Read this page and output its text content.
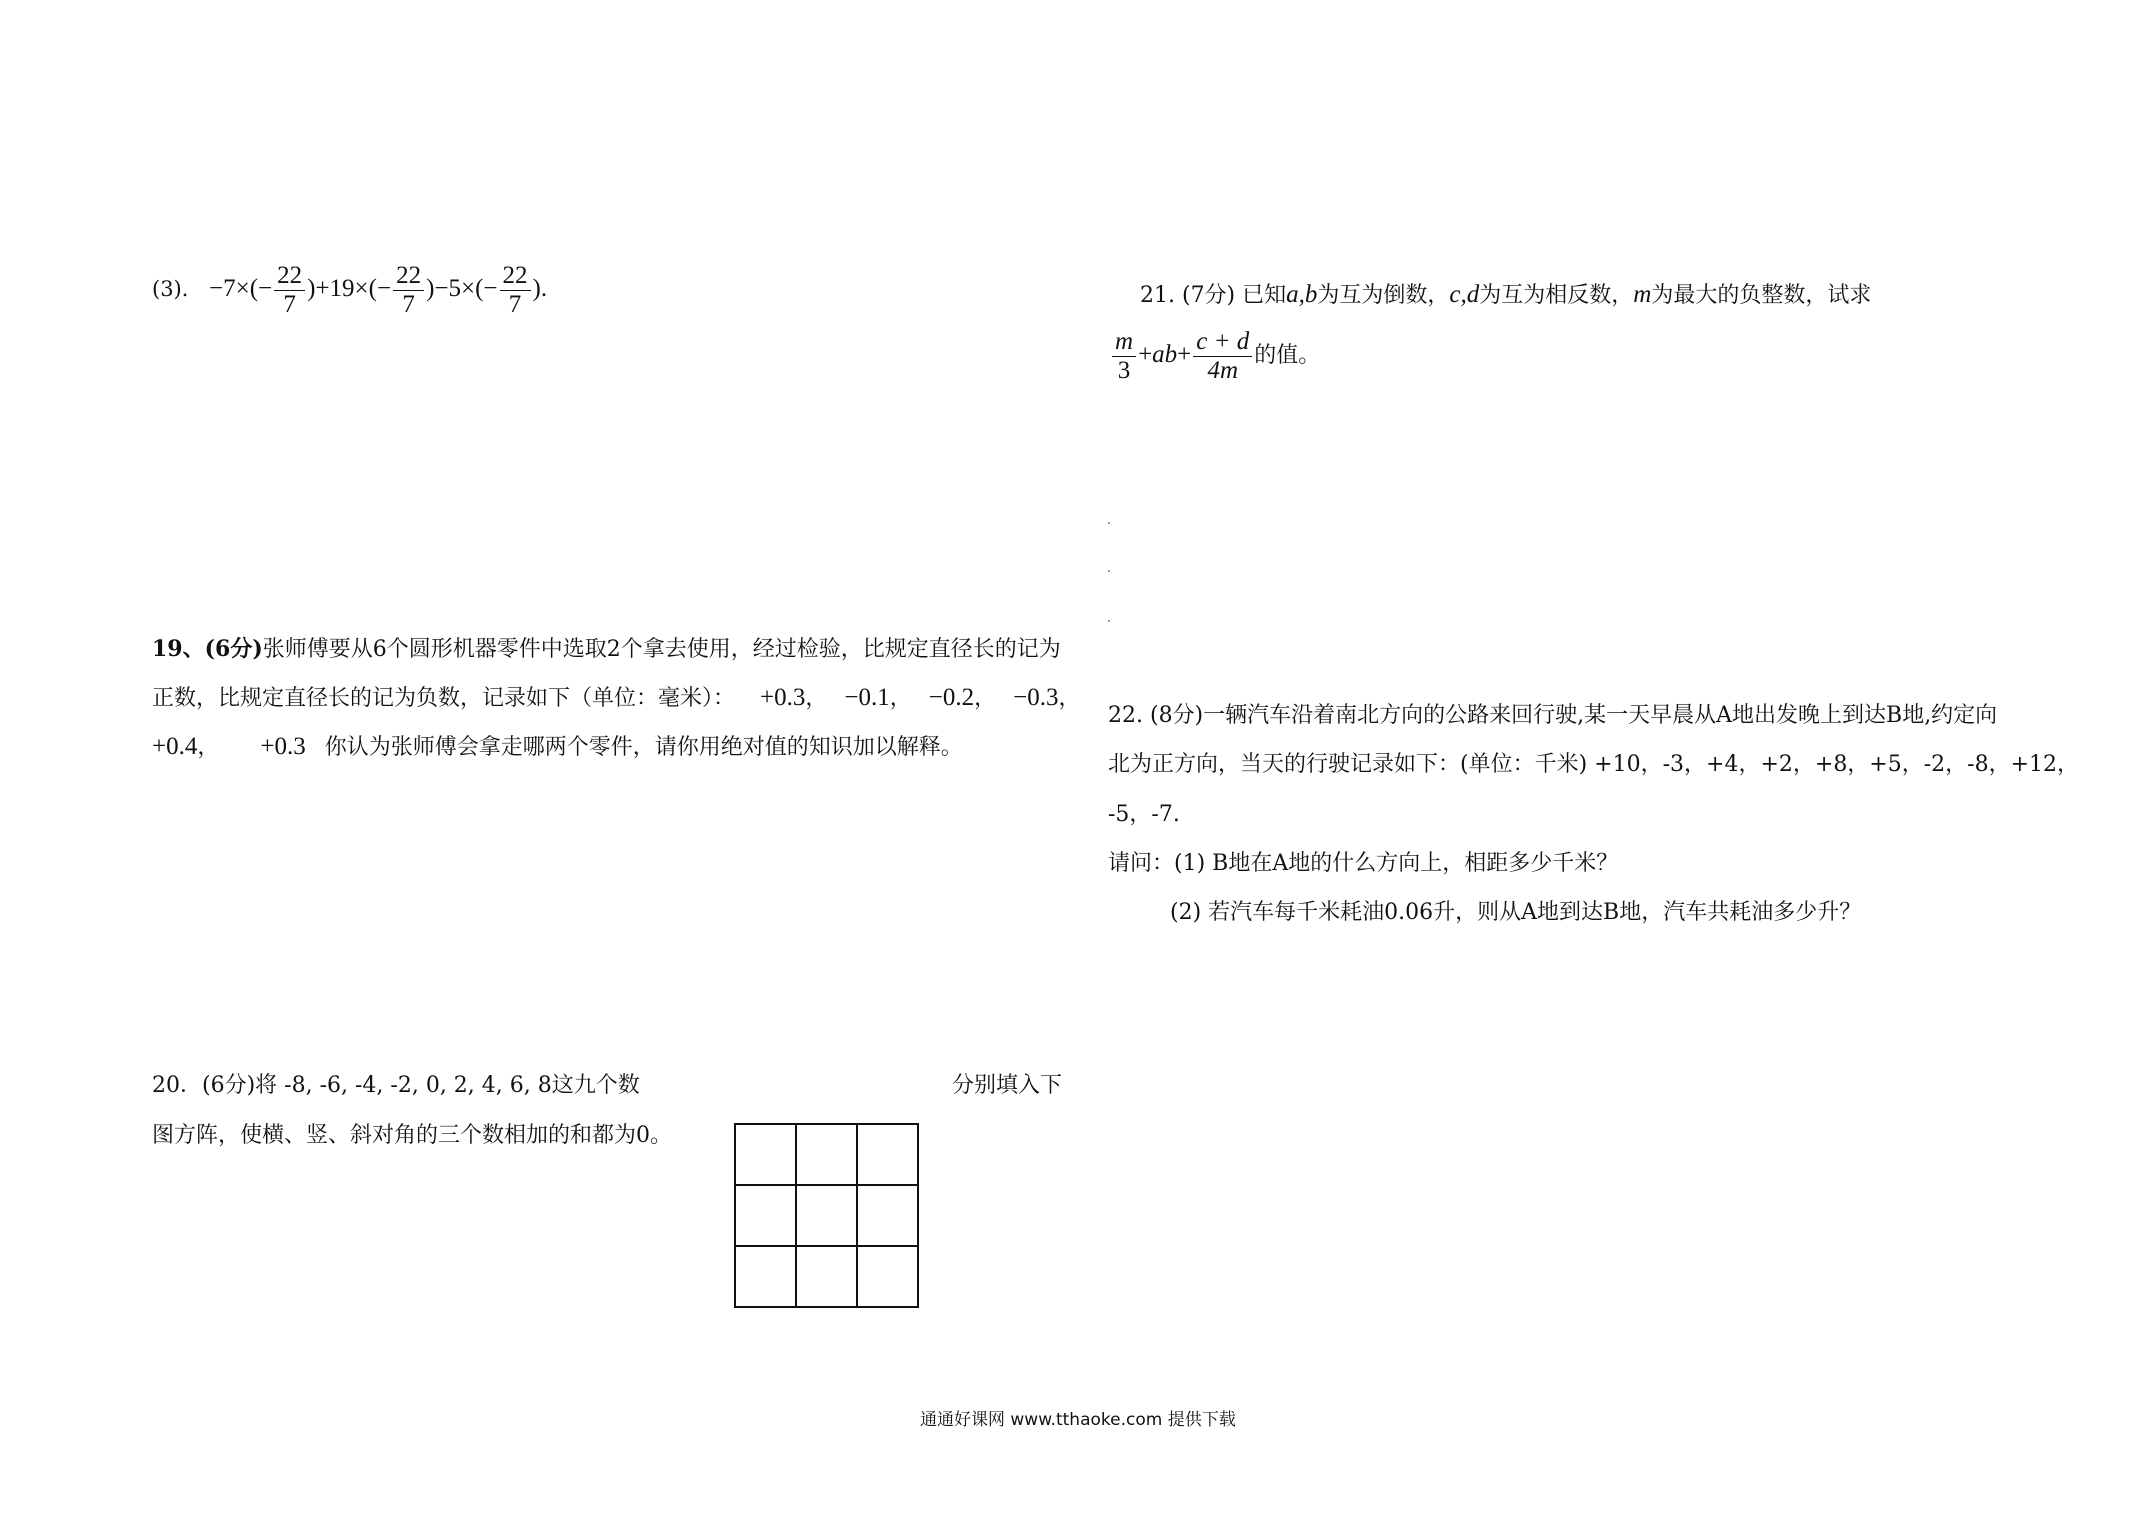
(3)． $-7\times(- \frac{22}{7} )+19\times(- \frac{22}{7} )-5\times(- \frac{22}{7}$ ).
19、(6分)张师傅要从6个圆形机器零件中选取2个拿去使用，经过检验，比规定直径长的记为
正数，比规定直径长的记为负数，记录如下（单位：毫米）： +0.3， −0.1， −0.2， −0.3，
+0.4， +0.3 你认为张师傅会拿走哪两个零件，请你用绝对值的知识加以解释。
20．(6分)将 -8, -6, -4, -2, 0, 2, 4, 6, 8这九个数	分别填入下
图方阵，使横、竖、斜对角的三个数相加的和都为0。

21. (7分) 已知a,b为互为倒数，c,d为互为相反数，m为最大的负整数，试求
$\frac{m}{3} +ab+ \frac{c + d}{4m}$ 的值。
22. (8分)一辆汽车沿着南北方向的公路来回行驶,某一天早晨从A地出发晚上到达B地,约定向
北为正方向，当天的行驶记录如下：(单位：千米) +10，-3，+4，+2，+8，+5，-2，-8，+12，
-5，-7.
请问：(1) B地在A地的什么方向上，相距多少千米？
(2) 若汽车每千米耗油0.06升，则从A地到达B地，汽车共耗油多少升？
通通好课网 www.tthaoke.com 提供下载
